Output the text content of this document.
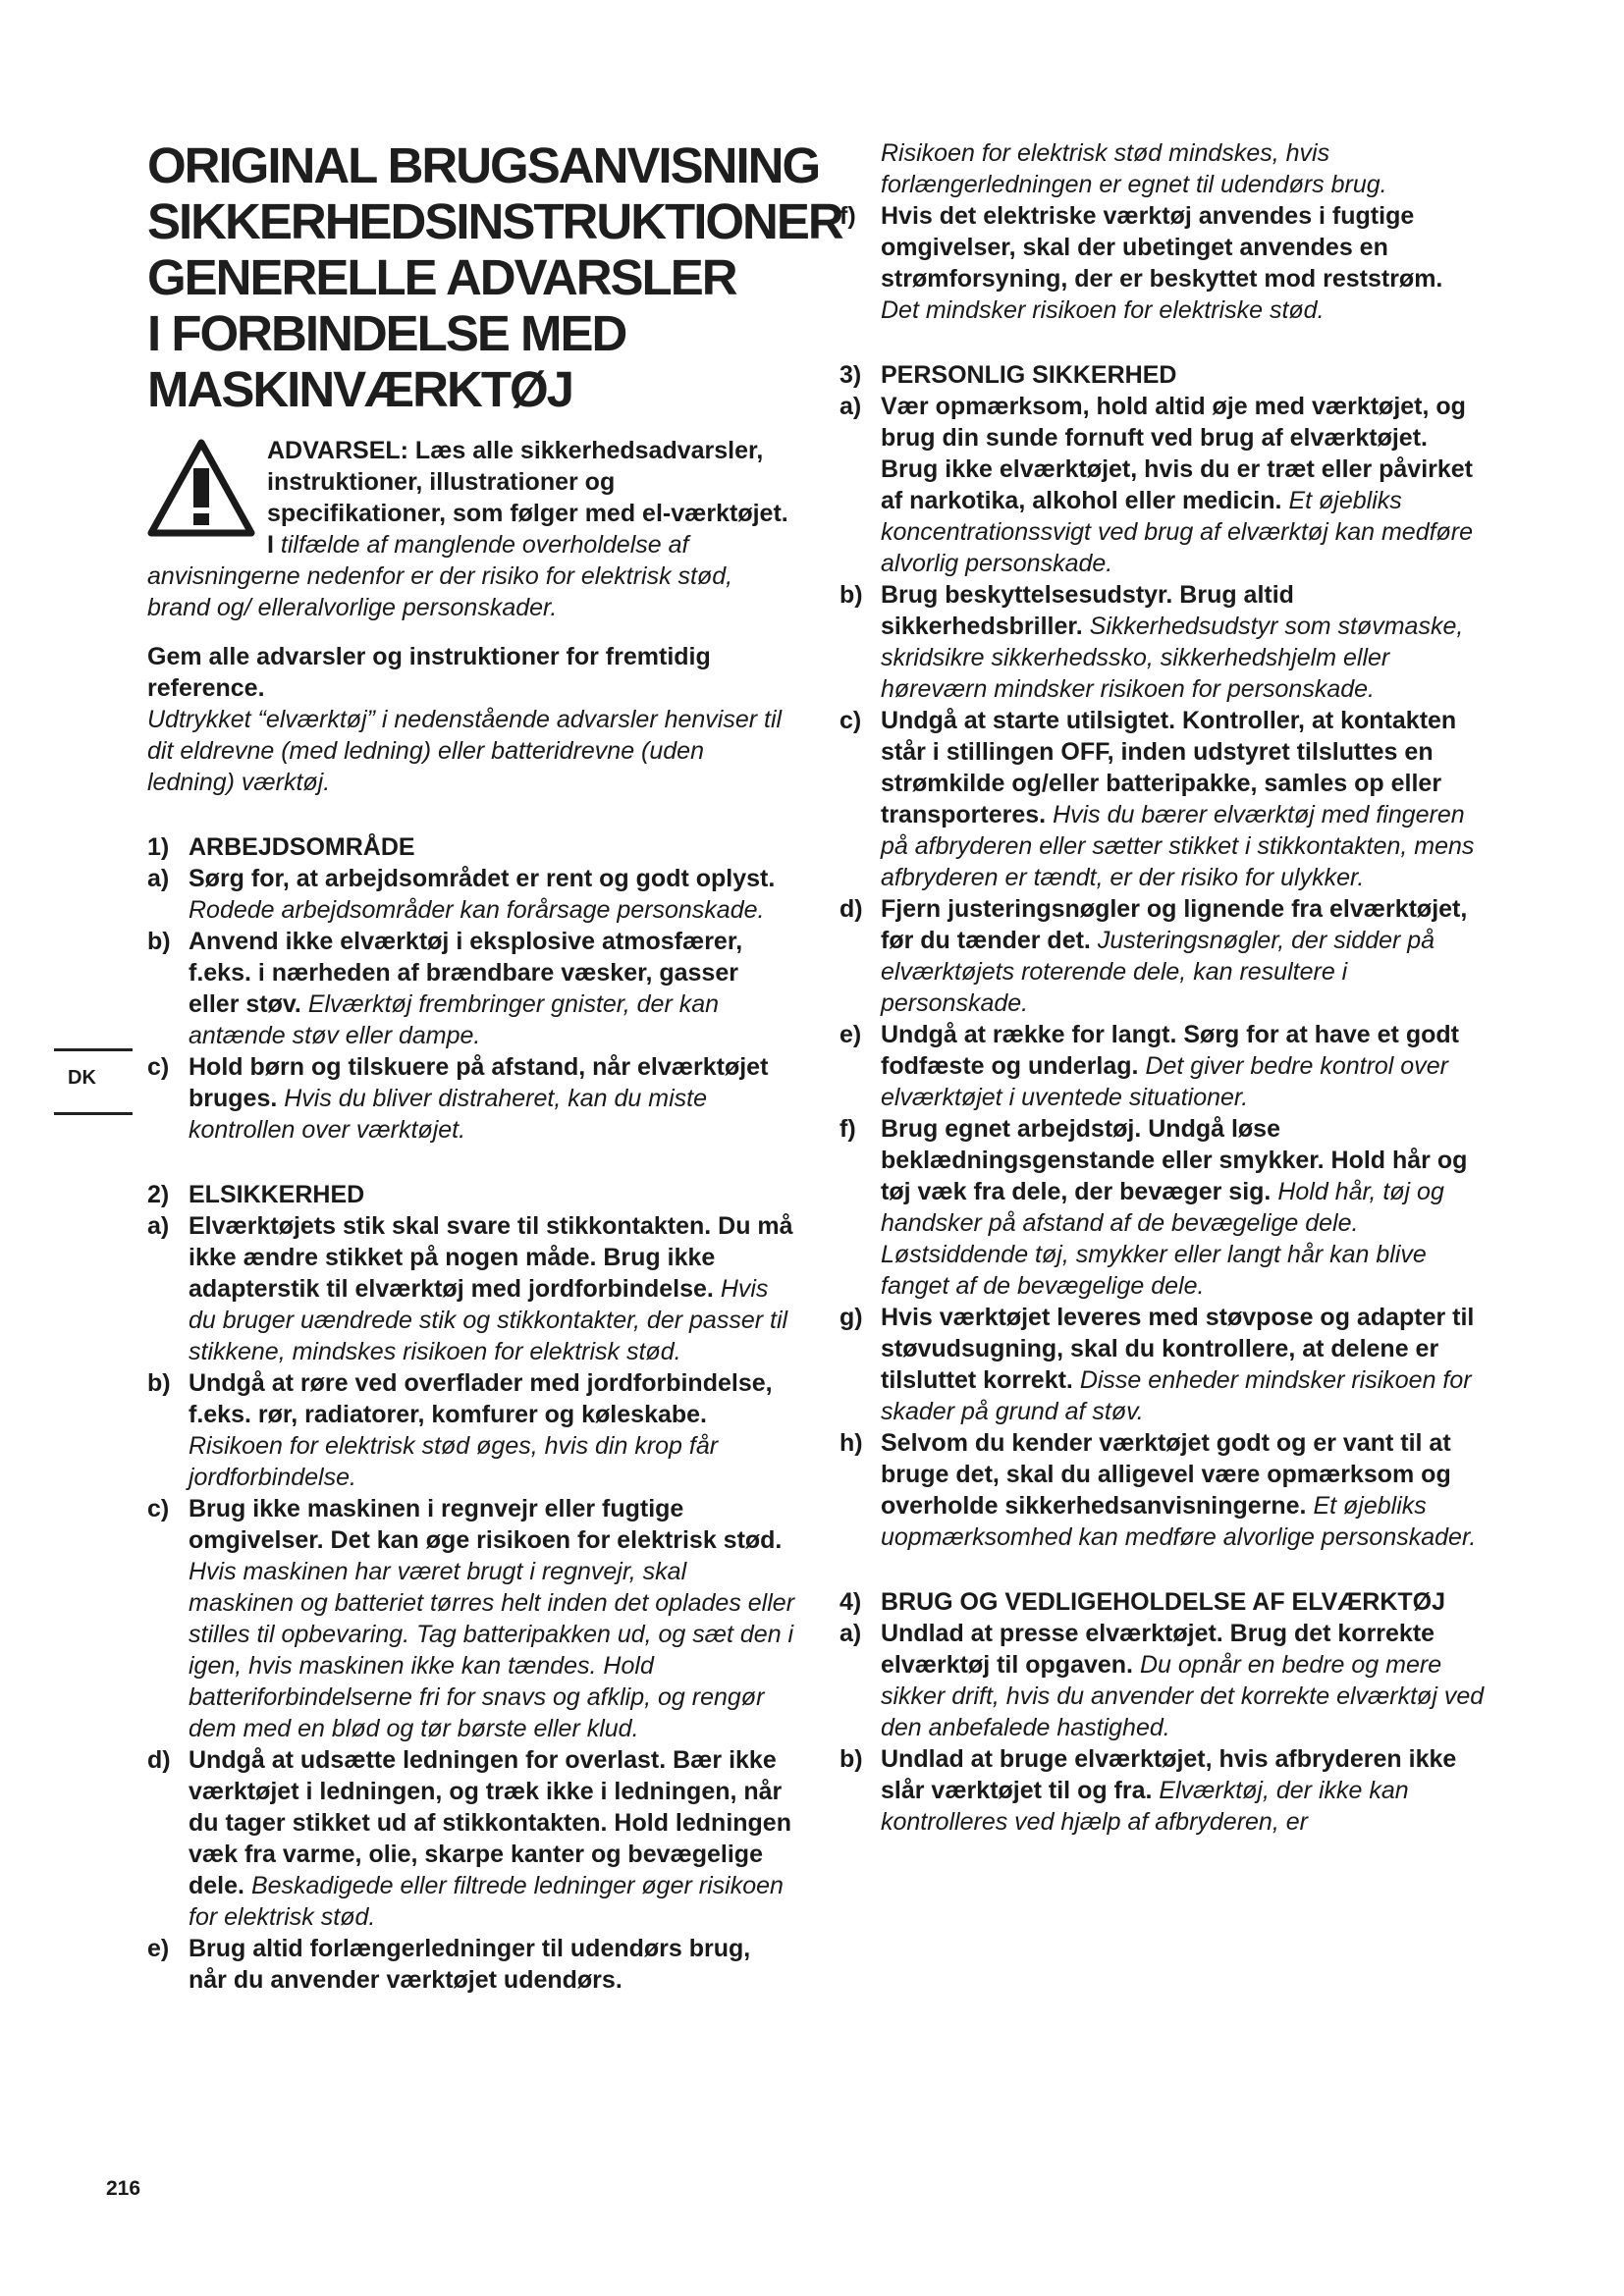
DK
ORIGINAL BRUGSANVISNING
SIKKERHEDSINSTRUKTIONER
GENERELLE ADVARSLER
I FORBINDELSE MED
MASKINVÆRKTØJ
ADVARSEL: Læs alle sikkerhedsadvarsler, instruktioner, illustrationer og specifikationer, som følger med el-værktøjet. I tilfælde af manglende overholdelse af anvisningerne nedenfor er der risiko for elektrisk stød, brand og/ elleralvorlige personskader.
Gem alle advarsler og instruktioner for fremtidig reference.
Udtrykket “elværktøj” i nedenstående advarsler henviser til dit eldrevne (med ledning) eller batteridrevne (uden ledning) værktøj.
1) ARBEJDSOMRÅDE
a) Sørg for, at arbejdsområdet er rent og godt oplyst. Rodede arbejdsområder kan forårsage personskade.
b) Anvend ikke elværktøj i eksplosive atmosfærer, f.eks. i nærheden af brændbare væsker, gasser eller støv. Elværktøj frembringer gnister, der kan antænde støv eller dampe.
c) Hold børn og tilskuere på afstand, når elværktøjet bruges. Hvis du bliver distraheret, kan du miste kontrollen over værktøjet.
2) ELSIKKERHED
a) Elværktøjets stik skal svare til stikkontakten. Du må ikke ændre stikket på nogen måde. Brug ikke adapterstik til elværktøj med jordforbindelse. Hvis du bruger uændrede stik og stikkontakter, der passer til stikkene, mindskes risikoen for elektrisk stød.
b) Undgå at røre ved overflader med jordforbindelse, f.eks. rør, radiatorer, komfurer og køleskabe. Risikoen for elektrisk stød øges, hvis din krop får jordforbindelse.
c) Brug ikke maskinen i regnvejr eller fugtige omgivelser. Det kan øge risikoen for elektrisk stød. Hvis maskinen har været brugt i regnvejr, skal maskinen og batteriet tørres helt inden det oplades eller stilles til opbevaring. Tag batteripakken ud, og sæt den i igen, hvis maskinen ikke kan tændes. Hold batteriforbindelserne fri for snavs og afklip, og rengør dem med en blød og tør børste eller klud.
d) Undgå at udsætte ledningen for overlast. Bær ikke værktøjet i ledningen, og træk ikke i ledningen, når du tager stikket ud af stikkontakten. Hold ledningen væk fra varme, olie, skarpe kanter og bevægelige dele. Beskadigede eller filtrede ledninger øger risikoen for elektrisk stød.
e) Brug altid forlængerledninger til udendørs brug, når du anvender værktøjet udendørs.
Risikoen for elektrisk stød mindskes, hvis forlængerledningen er egnet til udendørs brug.
f)	Hvis det elektriske værktøj anvendes i fugtige omgivelser, skal der ubetinget anvendes en strømforsyning, der er beskyttet mod reststrøm. Det mindsker risikoen for elektriske stød.
3) PERSONLIG SIKKERHED
a) Vær opmærksom, hold altid øje med værktøjet, og brug din sunde fornuft ved brug af elværktøjet. Brug ikke elværktøjet, hvis du er træt eller påvirket af narkotika, alkohol eller medicin. Et øjebliks koncentrationssvigt ved brug af elværktøj kan medføre alvorlig personskade.
b) Brug beskyttelsesudstyr. Brug altid sikkerhedsbriller. Sikkerhedsudstyr som støvmaske, skridsikre sikkerhedssko, sikkerhedshjelm eller høreværn mindsker risikoen for personskade.
c) Undgå at starte utilsigtet. Kontroller, at kontakten står i stillingen OFF, inden udstyret tilsluttes en strømkilde og/eller batteripakke, samles op eller transporteres. Hvis du bærer elværktøj med fingeren på afbryderen eller sætter stikket i stikkontakten, mens afbryderen er tændt, er der risiko for ulykker.
d) Fjern justeringsnøgler og lignende fra elværktøjet, før du tænder det. Justeringsnøgler, der sidder på elværktøjets roterende dele, kan resultere i personskade.
e) Undgå at række for langt. Sørg for at have et godt fodfæste og underlag. Det giver bedre kontrol over elværktøjet i uventede situationer.
f)	Brug egnet arbejdstøj. Undgå løse beklædningsgenstande eller smykker. Hold hår og tøj væk fra dele, der bevæger sig. Hold hår, tøj og handsker på afstand af de bevægelige dele. Løstsiddende tøj, smykker eller langt hår kan blive fanget af de bevægelige dele.
g) Hvis værktøjet leveres med støvpose og adapter til støvudsugning, skal du kontrollere, at delene er tilsluttet korrekt. Disse enheder mindsker risikoen for skader på grund af støv.
h) Selvom du kender værktøjet godt og er vant til at bruge det, skal du alligevel være opmærksom og overholde sikkerhedsanvisningerne. Et øjebliks uopmærksomhed kan medføre alvorlige personskader.
4) BRUG OG VEDLIGEHOLDELSE AF ELVÆRKTØJ
a) Undlad at presse elværktøjet. Brug det korrekte elværktøj til opgaven. Du opnår en bedre og mere sikker drift, hvis du anvender det korrekte elværktøj ved den anbefalede hastighed.
b) Undlad at bruge elværktøjet, hvis afbryderen ikke slår værktøjet til og fra. Elværktøj, der ikke kan kontrolleres ved hjælp af afbryderen, er
216
